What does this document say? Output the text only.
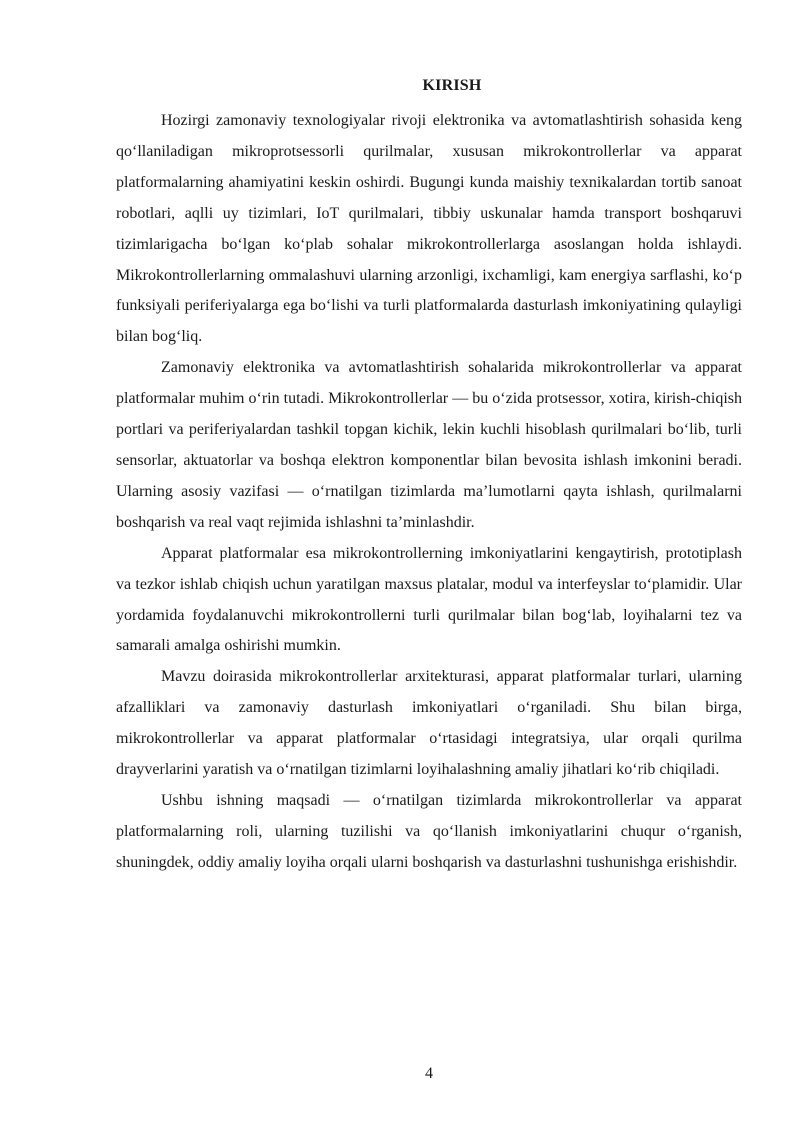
KIRISH

Hozirgi zamonaviy texnologiyalar rivoji elektronika va avtomatlashtirish sohasida keng qo‘llaniladigan mikroprotsessorli qurilmalar, xususan mikrokontrollerlar va apparat platformalarning ahamiyatini keskin oshirdi. Bugungi kunda maishiy texnikalardan tortib sanoat robotlari, aqlli uy tizimlari, IoT qurilmalari, tibbiy uskunalar hamda transport boshqaruvi tizimlarigacha bo‘lgan ko‘plab sohalar mikrokontrollerlarga asoslangan holda ishlaydi. Mikrokontrollerlarning ommalashuvi ularning arzonligi, ixchamligi, kam energiya sarflashi, ko‘p funksiyali periferiyalarga ega bo‘lishi va turli platformalarda dasturlash imkoniyatining qulayligi bilan bog‘liq.

Zamonaviy elektronika va avtomatlashtirish sohalarida mikrokontrollerlar va apparat platformalar muhim o‘rin tutadi. Mikrokontrollerlar — bu o‘zida protsessor, xotira, kirish-chiqish portlari va periferiyalardan tashkil topgan kichik, lekin kuchli hisoblash qurilmalari bo‘lib, turli sensorlar, aktuatorlar va boshqa elektron komponentlar bilan bevosita ishlash imkonini beradi. Ularning asosiy vazifasi — o‘rnatilgan tizimlarda ma’lumotlarni qayta ishlash, qurilmalarni boshqarish va real vaqt rejimida ishlashni ta’minlashdir.

Apparat platformalar esa mikrokontrollerning imkoniyatlarini kengaytirish, prototiplash va tezkor ishlab chiqish uchun yaratilgan maxsus platalar, modul va interfeyslar to‘plamidir. Ular yordamida foydalanuvchi mikrokontrollerni turli qurilmalar bilan bog‘lab, loyihalarni tez va samarali amalga oshirishi mumkin.

Mavzu doirasida mikrokontrollerlar arxitekturasi, apparat platformalar turlari, ularning afzalliklari va zamonaviy dasturlash imkoniyatlari o‘rganiladi. Shu bilan birga, mikrokontrollerlar va apparat platformalar o‘rtasidagi integratsiya, ular orqali qurilma drayverlarini yaratish va o‘rnatilgan tizimlarni loyihalashning amaliy jihatlari ko‘rib chiqiladi.

Ushbu ishning maqsadi — o‘rnatilgan tizimlarda mikrokontrollerlar va apparat platformalarning roli, ularning tuzilishi va qo‘llanish imkoniyatlarini chuqur o‘rganish, shuningdek, oddiy amaliy loyiha orqali ularni boshqarish va dasturlashni tushunishga erishishdir.

4
